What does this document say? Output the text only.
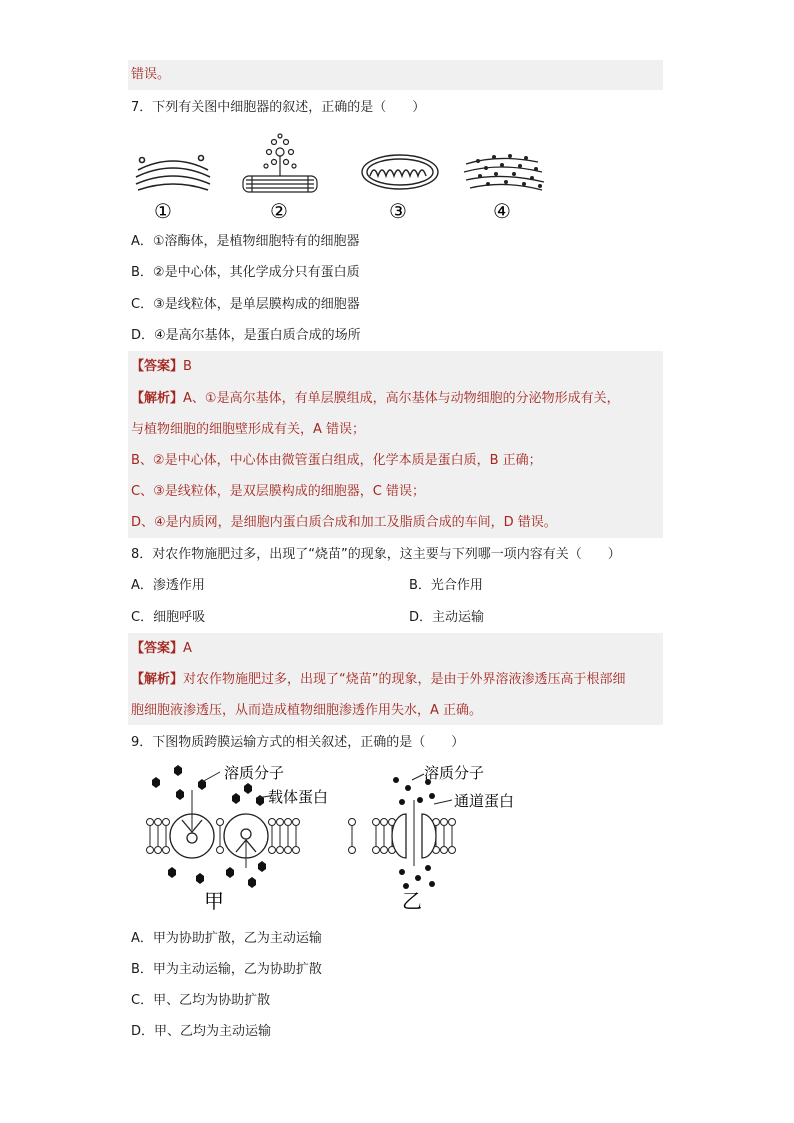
错误。
7．下列有关图中细胞器的叙述，正确的是（　　）
①	②	③	④
A．①溶酶体，是植物细胞特有的细胞器
B．②是中心体，其化学成分只有蛋白质
C．③是线粒体，是单层膜构成的细胞器
D．④是高尔基体，是蛋白质合成的场所
【答案】B
【解析】A、①是高尔基体，有单层膜组成，高尔基体与动物细胞的分泌物形成有关，
与植物细胞的细胞壁形成有关，A 错误；
B、②是中心体，中心体由微管蛋白组成，化学本质是蛋白质，B 正确；
C、③是线粒体，是双层膜构成的细胞器，C 错误；
D、④是内质网，是细胞内蛋白质合成和加工及脂质合成的车间，D 错误。
8．对农作物施肥过多，出现了“烧苗”的现象，这主要与下列哪一项内容有关（　　）
A．渗透作用	B．光合作用
C．细胞呼吸	D．主动运输
【答案】A
【解析】对农作物施肥过多，出现了“烧苗”的现象，是由于外界溶液渗透压高于根部细
胞细胞液渗透压，从而造成植物细胞渗透作用失水，A 正确。
9．下图物质跨膜运输方式的相关叙述，正确的是（　　）
溶质分子
载体蛋白
甲
溶质分子
通道蛋白
乙
A．甲为协助扩散，乙为主动运输
B．甲为主动运输，乙为协助扩散
C．甲、乙均为协助扩散
D．甲、乙均为主动运输
